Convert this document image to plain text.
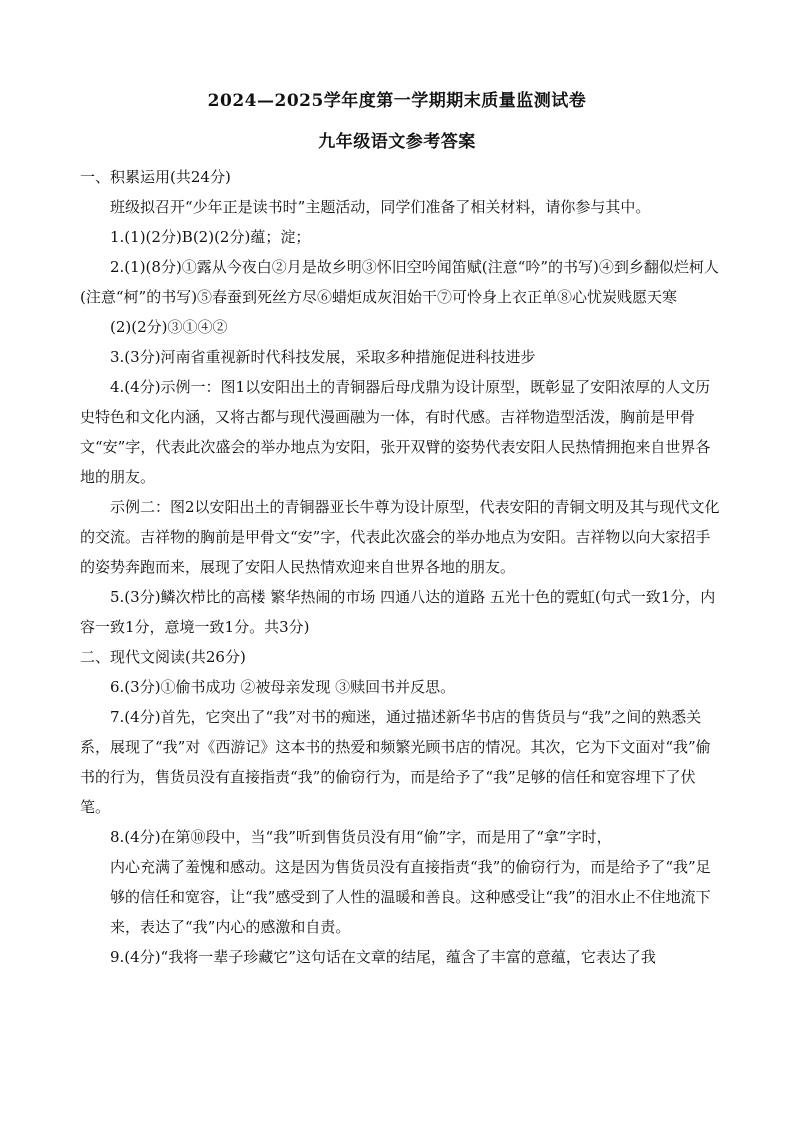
2024—2025学年度第一学期期末质量监测试卷
九年级语文参考答案

一、积累运用(共24分)

班级拟召开“少年正是读书时”主题活动，同学们准备了相关材料，请你参与其中。

1.(1)(2分)B(2)(2分)蕴；淀；

2.(1)(8分)①露从今夜白②月是故乡明③怀旧空吟闻笛赋(注意“吟”的书写)④到乡翻似烂柯人(注意“柯”的书写)⑤春蚕到死丝方尽⑥蜡炬成灰泪始干⑦可怜身上衣正单⑧心忧炭贱愿天寒

(2)(2分)③①④②

3.(3分)河南省重视新时代科技发展，采取多种措施促进科技进步

4.(4分)示例一：图1以安阳出土的青铜器后母戊鼎为设计原型，既彰显了安阳浓厚的人文历史特色和文化内涵，又将古都与现代漫画融为一体，有时代感。吉祥物造型活泼，胸前是甲骨文“安”字，代表此次盛会的举办地点为安阳，张开双臂的姿势代表安阳人民热情拥抱来自世界各地的朋友。

示例二：图2以安阳出土的青铜器亚长牛尊为设计原型，代表安阳的青铜文明及其与现代文化的交流。吉祥物的胸前是甲骨文“安”字，代表此次盛会的举办地点为安阳。吉祥物以向大家招手的姿势奔跑而来，展现了安阳人民热情欢迎来自世界各地的朋友。

5.(3分)鳞次栉比的高楼 繁华热闹的市场 四通八达的道路 五光十色的霓虹(句式一致1分，内容一致1分，意境一致1分。共3分)

二、现代文阅读(共26分)

6.(3分)①偷书成功 ②被母亲发现 ③赎回书并反思。

7.(4分)首先，它突出了“我”对书的痴迷，通过描述新华书店的售货员与“我”之间的熟悉关系，展现了“我”对《西游记》这本书的热爱和频繁光顾书店的情况。其次，它为下文面对“我”偷书的行为，售货员没有直接指责“我”的偷窃行为，而是给予了“我”足够的信任和宽容埋下了伏笔。

8.(4分)在第⑩段中，当“我”听到售货员没有用“偷”字，而是用了“拿”字时，

内心充满了羞愧和感动。这是因为售货员没有直接指责“我”的偷窃行为，而是给予了“我”足够的信任和宽容，让“我”感受到了人性的温暖和善良。这种感受让“我”的泪水止不住地流下来，表达了“我”内心的感激和自责。

9.(4分)“我将一辈子珍藏它”这句话在文章的结尾，蕴含了丰富的意蕴，它表达了我
